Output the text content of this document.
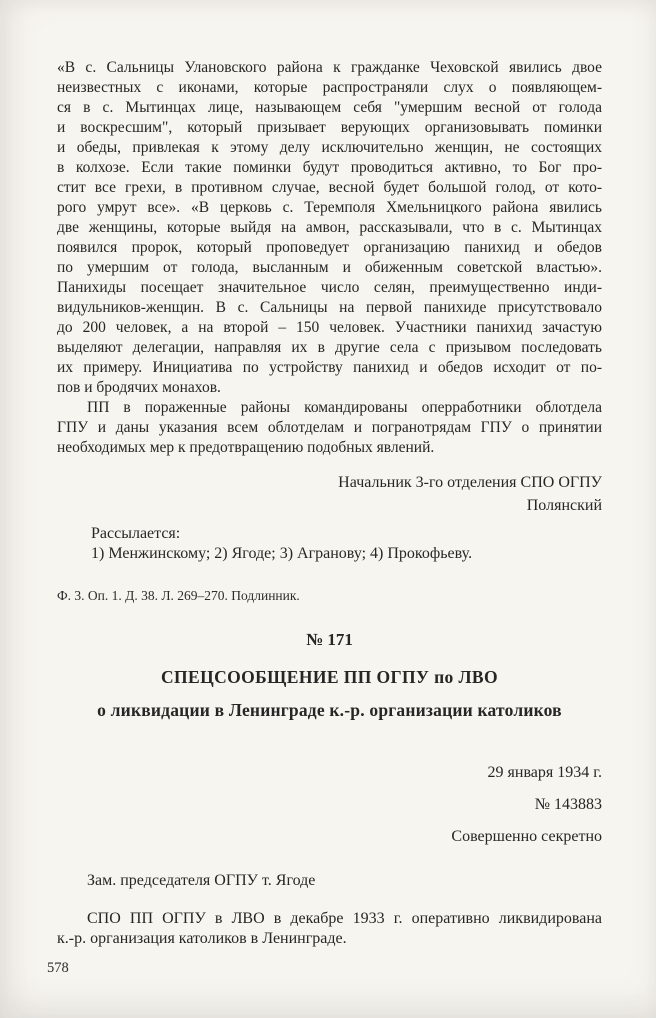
«В с. Сальницы Улановского района к гражданке Чеховской явились двое
неизвестных с иконами, которые распространяли слух о появляющем-
ся в с. Мытинцах лице, называющем себя "умершим весной от голода
и воскресшим", который призывает верующих организовывать поминки
и обеды, привлекая к этому делу исключительно женщин, не состоящих
в колхозе. Если такие поминки будут проводиться активно, то Бог про-
стит все грехи, в противном случае, весной будет большой голод, от кото-
рого умрут все». «В церковь с. Теремполя Хмельницкого района явились
две женщины, которые выйдя на амвон, рассказывали, что в с. Мытинцах
появился пророк, который проповедует организацию панихид и обедов
по умершим от голода, высланным и обиженным советской властью».
Панихиды посещает значительное число селян, преимущественно инди-
видульников-женщин. В с. Сальницы на первой панихиде присутствовало
до 200 человек, а на второй – 150 человек. Участники панихид зачастую
выделяют делегации, направляя их в другие села с призывом последовать
их примеру. Инициатива по устройству панихид и обедов исходит от по-
пов и бродячих монахов.
ПП в пораженные районы командированы оперработники облотдела
ГПУ и даны указания всем облотделам и погранотрядам ГПУ о принятии
необходимых мер к предотвращению подобных явлений.
Начальник 3-го отделения СПО ОГПУ
Полянский
Рассылается:
1) Менжинскому; 2) Ягоде; 3) Агранову; 4) Прокофьеву.
Ф. 3. Оп. 1. Д. 38. Л. 269–270. Подлинник.
№ 171
СПЕЦСООБЩЕНИЕ ПП ОГПУ по ЛВО
о ликвидации в Ленинграде к.-р. организации католиков
29 января 1934 г.
№ 143883
Совершенно секретно
Зам. председателя ОГПУ т. Ягоде
СПО ПП ОГПУ в ЛВО в декабре 1933 г. оперативно ликвидирована
к.-р. организация католиков в Ленинграде.
578
